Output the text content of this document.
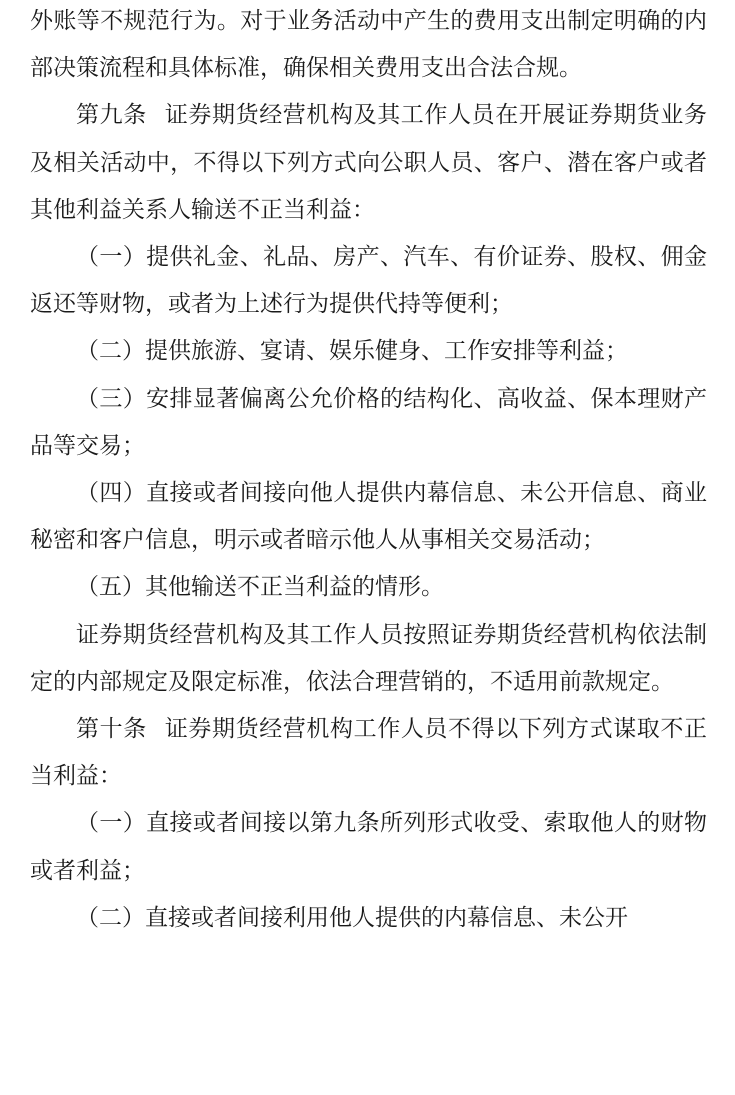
外账等不规范行为。对于业务活动中产生的费用支出制定明确的内部决策流程和具体标准，确保相关费用支出合法合规。

第九条 证券期货经营机构及其工作人员在开展证券期货业务及相关活动中，不得以下列方式向公职人员、客户、潜在客户或者其他利益关系人输送不正当利益：

（一）提供礼金、礼品、房产、汽车、有价证券、股权、佣金返还等财物，或者为上述行为提供代持等便利；

（二）提供旅游、宴请、娱乐健身、工作安排等利益；

（三）安排显著偏离公允价格的结构化、高收益、保本理财产品等交易；

（四）直接或者间接向他人提供内幕信息、未公开信息、商业秘密和客户信息，明示或者暗示他人从事相关交易活动；

（五）其他输送不正当利益的情形。

证券期货经营机构及其工作人员按照证券期货经营机构依法制定的内部规定及限定标准，依法合理营销的，不适用前款规定。

第十条 证券期货经营机构工作人员不得以下列方式谋取不正当利益：

（一）直接或者间接以第九条所列形式收受、索取他人的财物或者利益；

（二）直接或者间接利用他人提供的内幕信息、未公开
